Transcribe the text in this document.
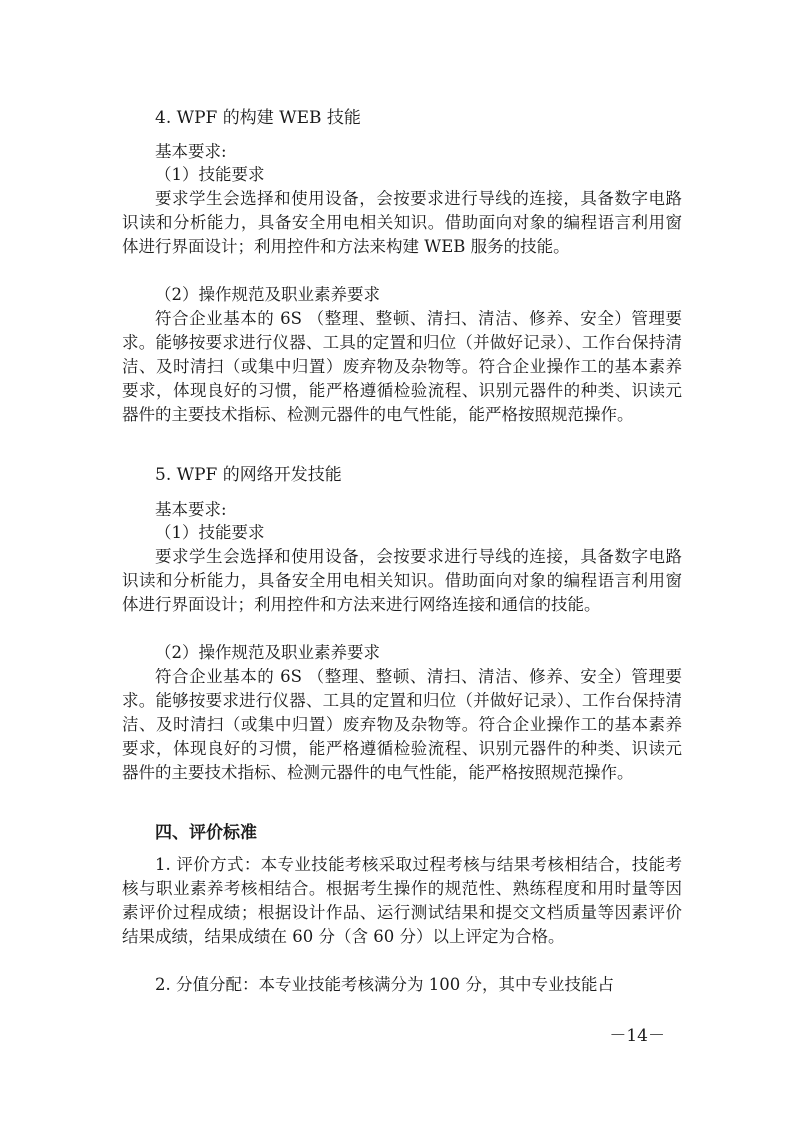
4. WPF 的构建 WEB 技能
基本要求:
（1）技能要求
要求学生会选择和使用设备，会按要求进行导线的连接，具备数字电路识读和分析能力，具备安全用电相关知识。借助面向对象的编程语言利用窗体进行界面设计；利用控件和方法来构建 WEB 服务的技能。
（2）操作规范及职业素养要求
符合企业基本的 6S （整理、整顿、清扫、清洁、修养、安全）管理要求。能够按要求进行仪器、工具的定置和归位（并做好记录）、工作台保持清洁、及时清扫（或集中归置）废弃物及杂物等。符合企业操作工的基本素养要求，体现良好的习惯，能严格遵循检验流程、识别元器件的种类、识读元器件的主要技术指标、检测元器件的电气性能，能严格按照规范操作。
5. WPF 的网络开发技能
基本要求:
（1）技能要求
要求学生会选择和使用设备，会按要求进行导线的连接，具备数字电路识读和分析能力，具备安全用电相关知识。借助面向对象的编程语言利用窗体进行界面设计；利用控件和方法来进行网络连接和通信的技能。
（2）操作规范及职业素养要求
符合企业基本的 6S （整理、整顿、清扫、清洁、修养、安全）管理要求。能够按要求进行仪器、工具的定置和归位（并做好记录）、工作台保持清洁、及时清扫（或集中归置）废弃物及杂物等。符合企业操作工的基本素养要求，体现良好的习惯，能严格遵循检验流程、识别元器件的种类、识读元器件的主要技术指标、检测元器件的电气性能，能严格按照规范操作。
四、评价标准
1. 评价方式：本专业技能考核采取过程考核与结果考核相结合，技能考核与职业素养考核相结合。根据考生操作的规范性、熟练程度和用时量等因素评价过程成绩；根据设计作品、运行测试结果和提交文档质量等因素评价结果成绩，结果成绩在 60 分（含 60 分）以上评定为合格。
2. 分值分配：本专业技能考核满分为 100 分，其中专业技能占
－14－
